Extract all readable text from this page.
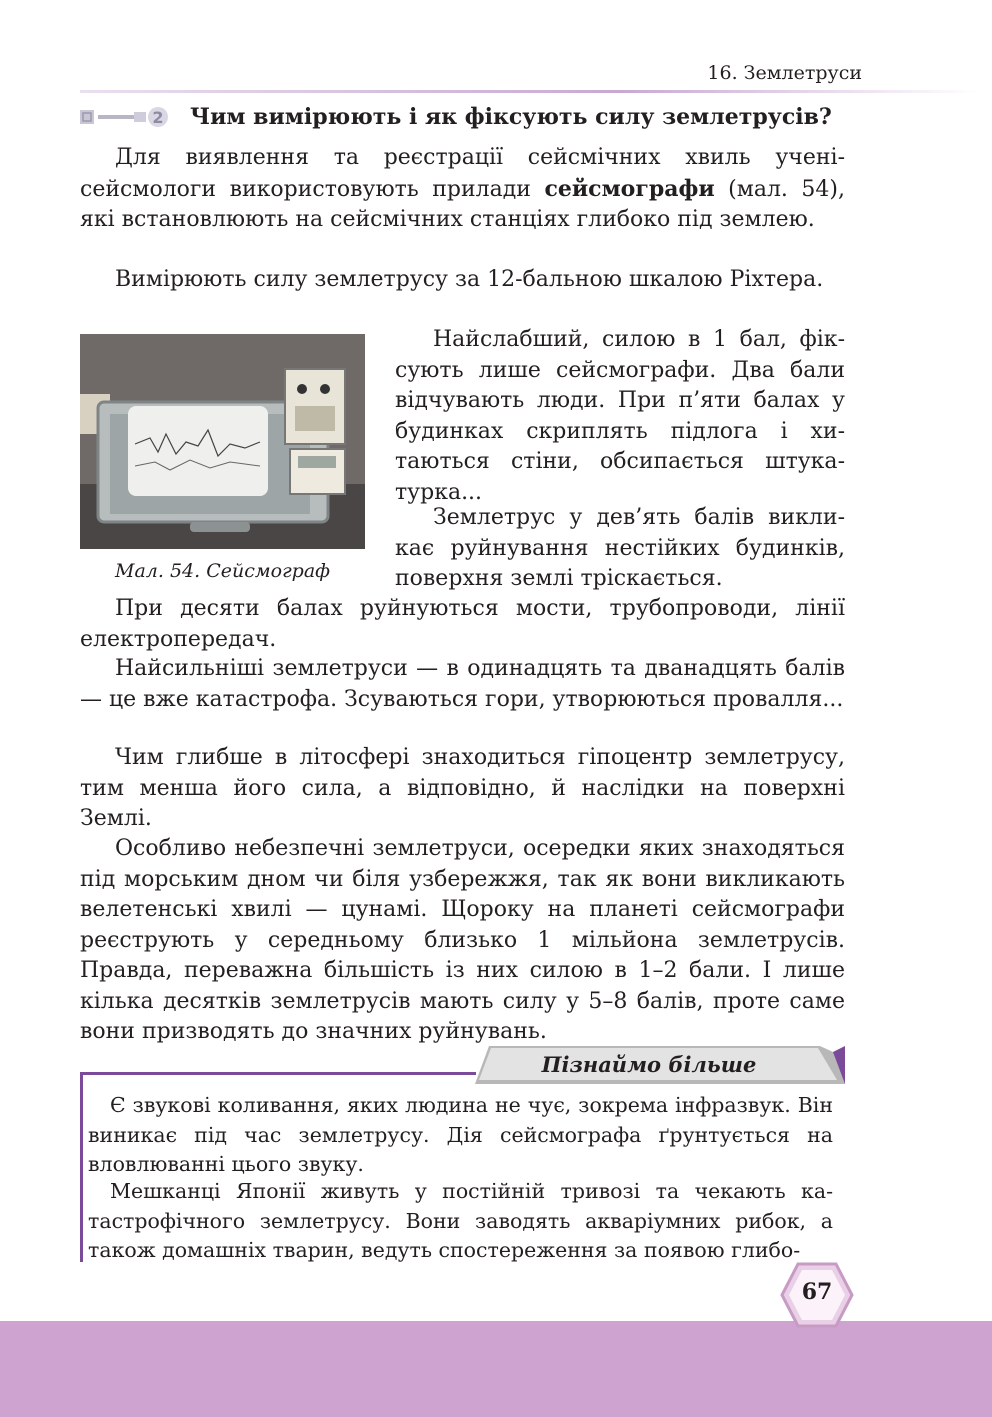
16. Землетруси
2 Чим вимірюють і як фіксують силу землетрусів?

Для виявлення та реєстрації сейсмічних хвиль учені-сейсмологи використовують прилади сейсмографи (мал. 54), які встановлюють на сейсмічних станціях глибоко під землею.

Вимірюють силу землетрусу за 12-бальною шкалою Ріхтера.

Мал. 54. Сейсмограф

Найслабший, силою в 1 бал, фіксують лише сейсмографи. Два бали відчувають люди. При п’яти балах у будинках скриплять підлога і хитаються стіни, обсипається штукатурка...

Землетрус у дев’ять балів викликає руйнування нестійких будинків, поверхня землі тріскається.

При десяти балах руйнуються мости, трубопроводи, лінії електропередач.

Найсильніші землетруси — в одинадцять та дванадцять балів — це вже катастрофа. Зсуваються гори, утворюються провалля...

Чим глибше в літосфері знаходиться гіпоцентр землетрусу, тим менша його сила, а відповідно, й наслідки на поверхні Землі.

Особливо небезпечні землетруси, осередки яких знаходяться під морським дном чи біля узбережжя, так як вони викликають велетенські хвилі — цунамі. Щороку на планеті сейсмографи реєструють у середньому близько 1 мільйона землетрусів. Правда, переважна більшість із них силою в 1–2 бали. І лише кілька десятків землетрусів мають силу у 5–8 балів, проте саме вони призводять до значних руйнувань.

Пізнаймо більше

Є звукові коливання, яких людина не чує, зокрема інфразвук. Він виникає під час землетрусу. Дія сейсмографа ґрунтується на вловлюванні цього звуку.

Мешканці Японії живуть у постійній тривозі та чекають катастрофічного землетрусу. Вони заводять акваріумних рибок, а також домашніх тварин, ведуть спостереження за появою глибо-

67
